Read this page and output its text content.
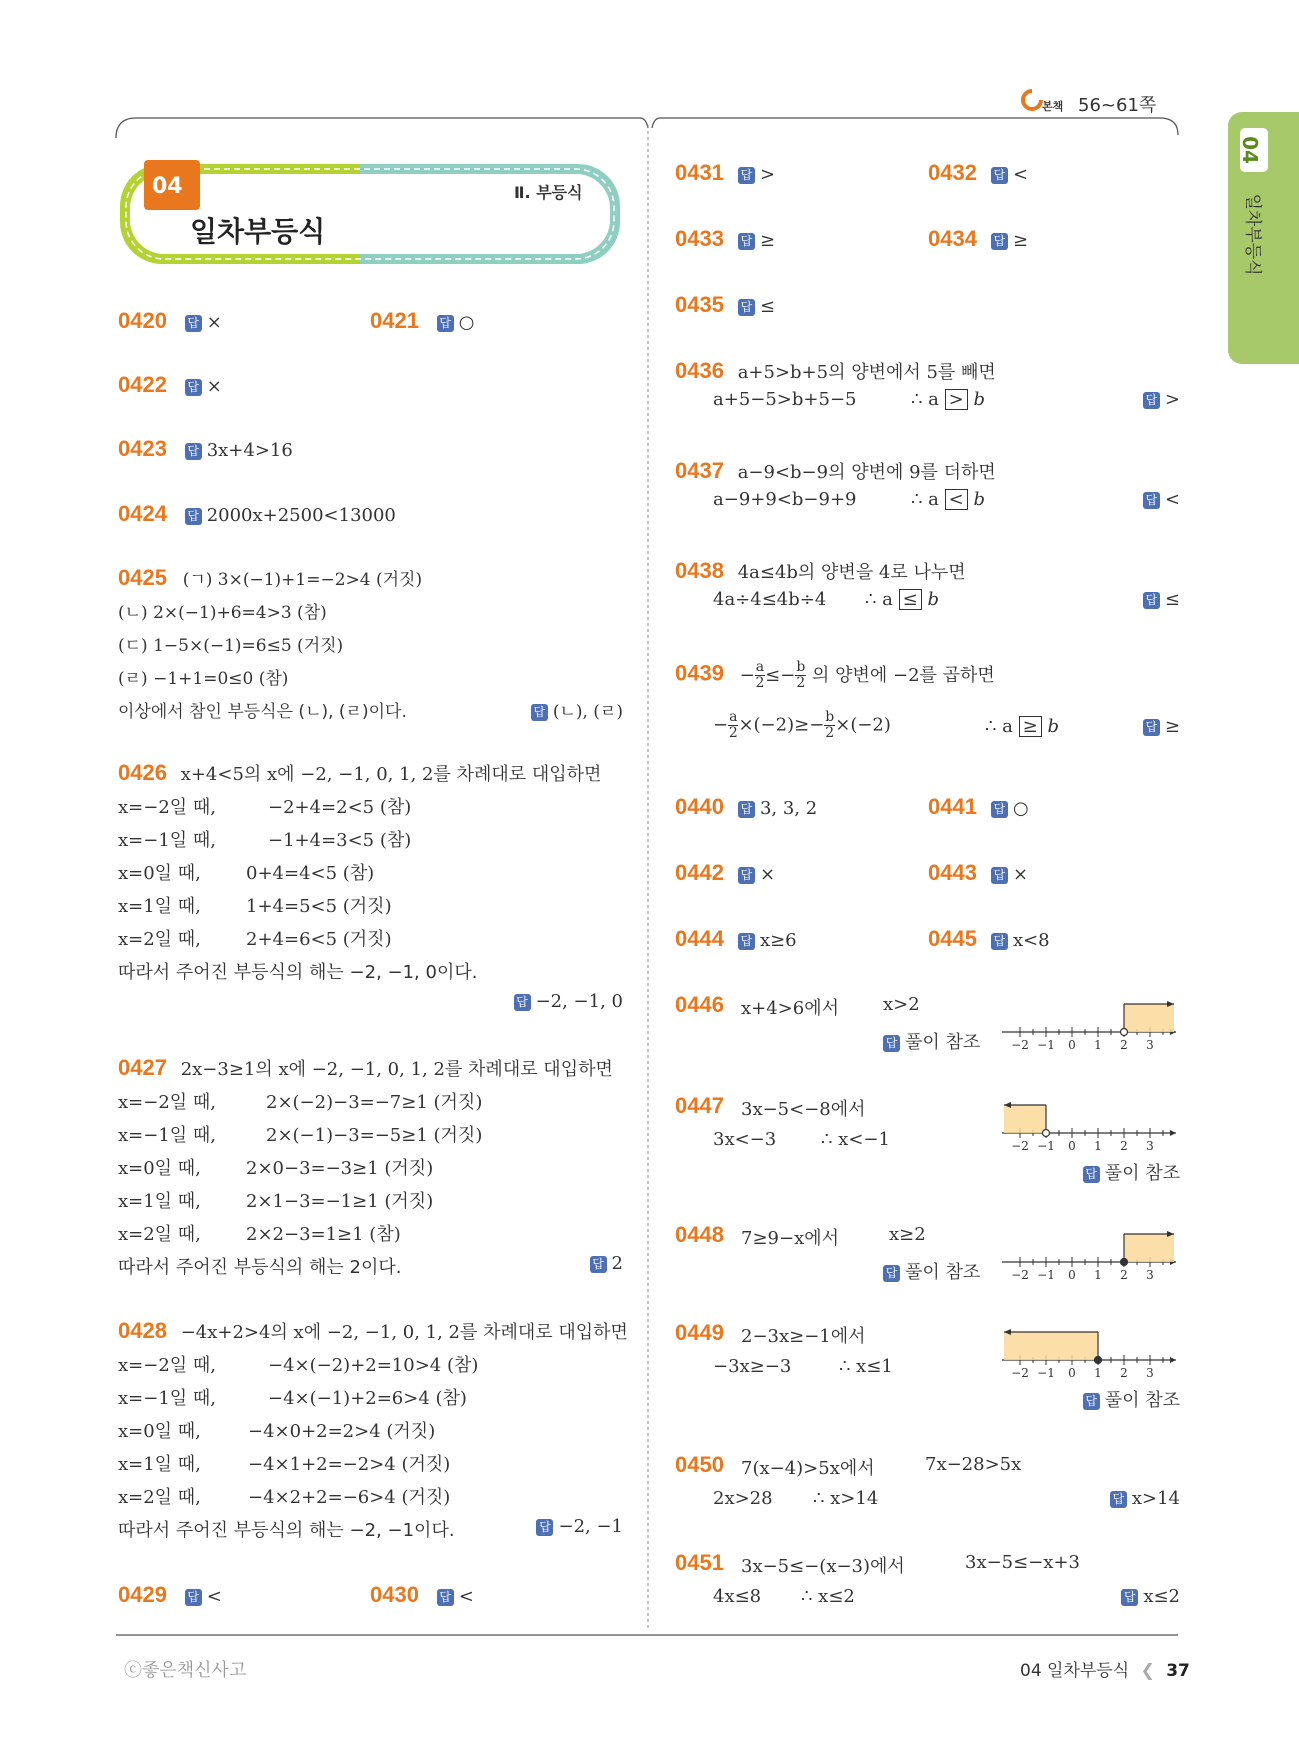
본책 56~61쪽
04
일차부등식
04
일차부등식
Ⅱ. 부등식
0420 답 ×	0421 답 ○
0422 답 ×
0423 답 3x+4>16
0424 답 2000x+2500<13000
0425 (ㄱ) 3×(−1)+1=−2>4 (거짓)
(ㄴ) 2×(−1)+6=4>3 (참)
(ㄷ) 1−5×(−1)=6≤5 (거짓)
(ㄹ) −1+1=0≤0 (참)
이상에서 참인 부등식은 (ㄴ), (ㄹ)이다.	답 (ㄴ), (ㄹ)
0426 x+4<5의 x에 −2, −1, 0, 1, 2를 차례대로 대입하면
x=−2일 때,	−2+4=2<5 (참)
x=−1일 때,	−1+4=3<5 (참)
x=0일 때,	0+4=4<5 (참)
x=1일 때,	1+4=5<5 (거짓)
x=2일 때,	2+4=6<5 (거짓)
따라서 주어진 부등식의 해는 −2, −1, 0이다.
답 −2, −1, 0
0427 2x−3≥1의 x에 −2, −1, 0, 1, 2를 차례대로 대입하면
x=−2일 때,	2×(−2)−3=−7≥1 (거짓)
x=−1일 때,	2×(−1)−3=−5≥1 (거짓)
x=0일 때,	2×0−3=−3≥1 (거짓)
x=1일 때,	2×1−3=−1≥1 (거짓)
x=2일 때,	2×2−3=1≥1 (참)
따라서 주어진 부등식의 해는 2이다.	답 2
0428 −4x+2>4의 x에 −2, −1, 0, 1, 2를 차례대로 대입하면
x=−2일 때,	−4×(−2)+2=10>4 (참)
x=−1일 때,	−4×(−1)+2=6>4 (참)
x=0일 때,	−4×0+2=2>4 (거짓)
x=1일 때,	−4×1+2=−2>4 (거짓)
x=2일 때,	−4×2+2=−6>4 (거짓)
따라서 주어진 부등식의 해는 −2, −1이다.	답 −2, −1
0429 답 <	0430 답 <
0431 답 >	0432 답 <
0433 답 ≥	0434 답 ≥
0435 답 ≤
0436 a+5>b+5의 양변에서 5를 빼면
a+5−5>b+5−5	∴ a > b	답 >
0437 a−9<b−9의 양변에 9를 더하면
a−9+9<b−9+9	∴ a < b	답 <
0438 4a≤4b의 양변을 4로 나누면
4a÷4≤4b÷4 ∴ a ≤ b	답 ≤
$0439 - \frac{a}{2} \le- \frac{b}{2}$ 의 양변에 −2를 곱하면
− $\frac{a}{2} \times(-2)\ge- \frac{b}{2} \times(-2)$	∴ a ≥ b	답 ≥
0440 답 3, 3, 2	0441 답 ○
0442 답 ×	0443 답 ×
0444 답 x≥6	0445 답 x<8
0446 x+4>6에서 x>2
답 풀이 참조	−2 −1 0 1 2 3
0447 3x−5<−8에서
3x<−3 ∴ x<−1
답 풀이 참조
−2 −1 0 1 2 3
0448 7≥9−x에서	x≥2
답 풀이 참조	−2 −1 0 1 2 3
0449 2−3x≥−1에서
−3x≥−3	∴ x≤1
답 풀이 참조
−2 −1 0 1 2 3
0450 7(x−4)>5x에서	7x−28>5x
2x>28 ∴ x>14	답 x>14
0451 3x−5≤−(x−3)에서	3x−5≤−x+3
4x≤8 ∴ x≤2	답 x≤2
ⓒ좋은책신사고	04 일차부등식 ❮ 37
